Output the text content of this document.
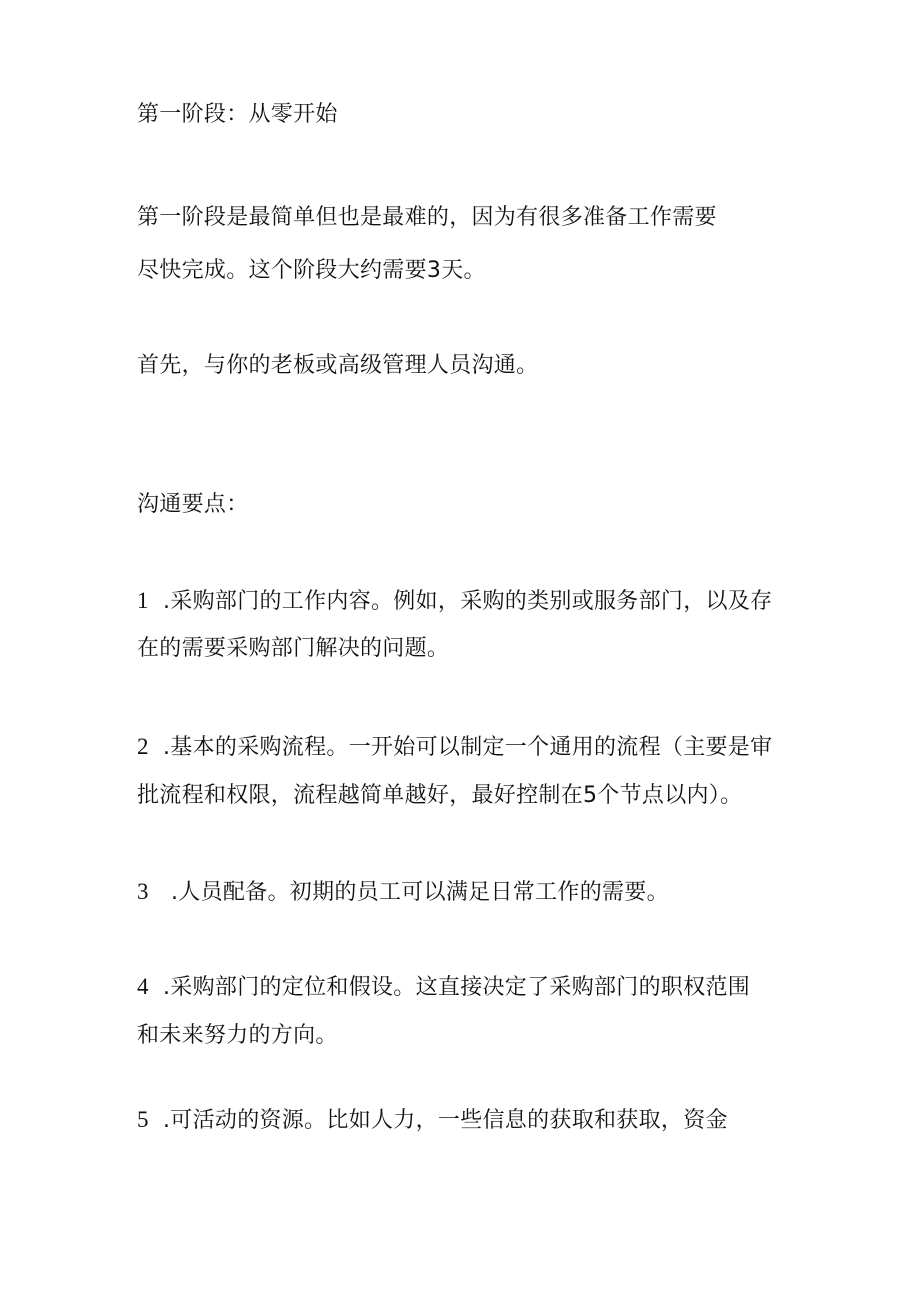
第一阶段：从零开始
第一阶段是最简单但也是最难的，因为有很多准备工作需要
尽快完成。这个阶段大约需要3天。
首先，与你的老板或高级管理人员沟通。
沟通要点：
1 .采购部门的工作内容。例如，采购的类别或服务部门，以及存
在的需要采购部门解决的问题。
2 .基本的采购流程。一开始可以制定一个通用的流程（主要是审
批流程和权限，流程越简单越好，最好控制在5个节点以内）。
3 .人员配备。初期的员工可以满足日常工作的需要。
4 .采购部门的定位和假设。这直接决定了采购部门的职权范围
和未来努力的方向。
5 .可活动的资源。比如人力，一些信息的获取和获取，资金
